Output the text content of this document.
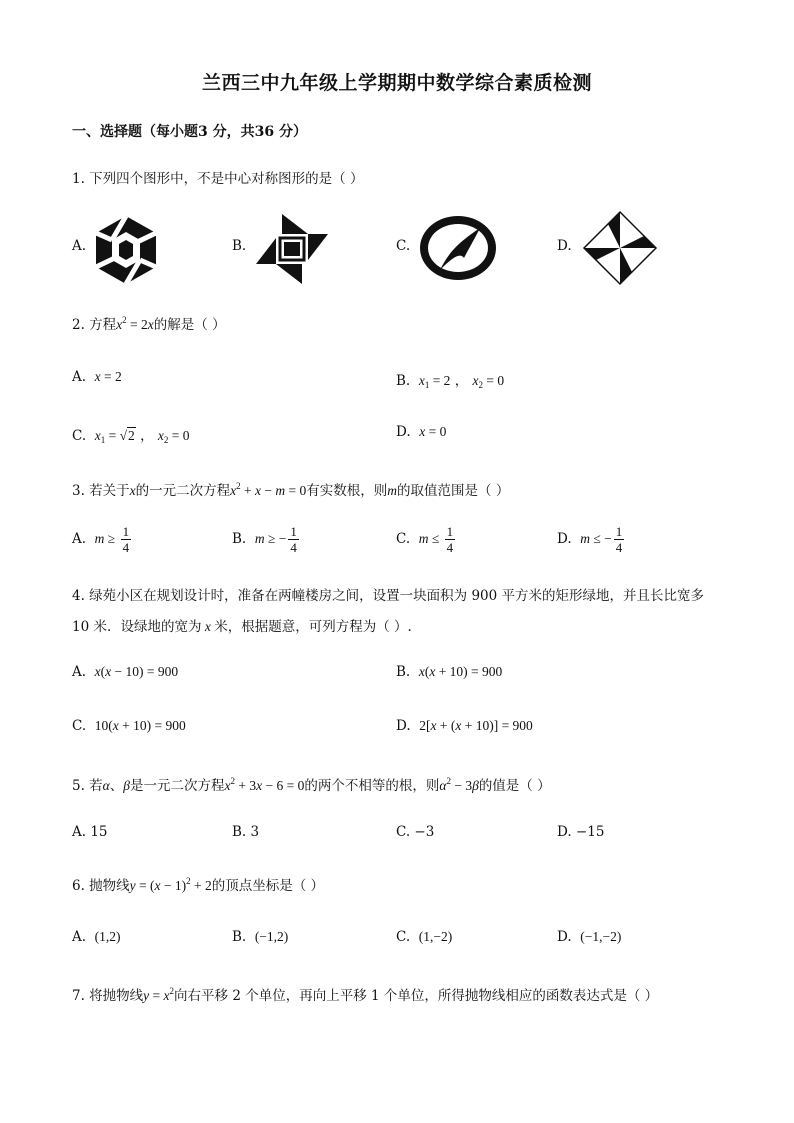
兰西三中九年级上学期期中数学综合素质检测
一、选择题（每小题3 分，共36 分）
1. 下列四个图形中，不是中心对称图形的是（ ）
A.	B.	C.	D.
2. 方程$x^2 = 2x$的解是（ ）
A. x = 2	B. $x_1 = 2$ ， $x_2 = 0$
C. $x_1 = √2$ ， $x_2 = 0$	D. x = 0
3. 若关于x的一元二次方程$x^2 + x - m = 0$有实数根，则m的取值范围是（ ）
A. $m \ge \frac{1}{4}$	B. m ≥ − $\frac{1}{4}$	C. $m \le \frac{1}{4}$	D. m ≤ − $\frac{1}{4}$
4. 绿苑小区在规划设计时，准备在两幢楼房之间，设置一块面积为 900 平方米的矩形绿地，并且长比宽多
10 米．设绿地的宽为 x 米，根据题意，可列方程为（ ）.
A. x(x − 10) = 900	B. x(x + 10) = 900
C. 10(x + 10) = 900	D. 2[x + (x + 10)] = 900
5. 若α、β是一元二次方程$x^2 + 3x - 6 = 0$的两个不相等的根，则$\alpha^2 - 3\beta$的值是（ ）
A. 15	B. 3	C. −3	D. −15
6. 抛物线$y = (x - 1)^2 + 2$的顶点坐标是（ ）
A. (1,2)	B. (−1,2)	C. (1,−2)	D. (−1,−2)
7. 将抛物线$y = x^2$向右平移 2 个单位，再向上平移 1 个单位，所得抛物线相应的函数表达式是（ ）
